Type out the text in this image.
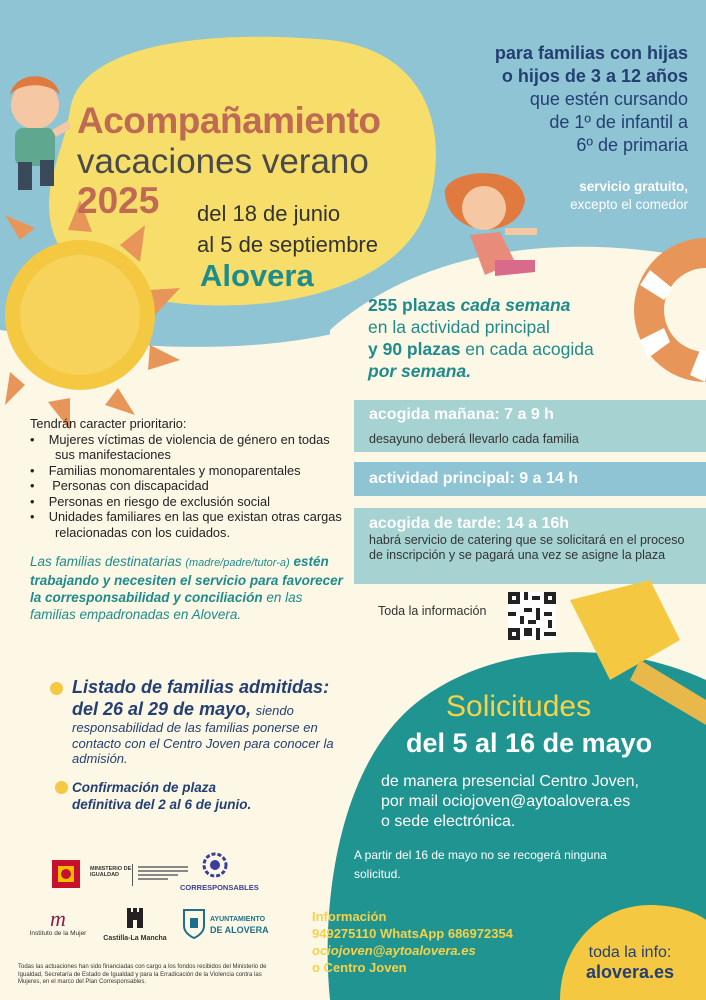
Acompañamiento
vacaciones verano
2025 del 18 de junio
al 5 de septiembre
Alovera
para familias con hijas
o hijos de 3 a 12 años
que estén cursando
de 1º de infantil a
6º de primaria
servicio gratuito,
excepto el comedor
255 plazas cada semana
en la actividad principal
y 90 plazas en cada acogida
por semana.
acogida mañana: 7 a 9 h
desayuno deberá llevarlo cada familia
actividad principal: 9 a 14 h
acogida de tarde: 14 a 16h
habrá servicio de catering que se solicitará en el proceso de inscripción y se pagará una vez se asigne la plaza
Tendrán caracter prioritario:
•    Mujeres víctimas de violencia de género en todas sus manifestaciones
•    Familias monomarentales y monoparentales
•     Personas con discapacidad
•    Personas en riesgo de exclusión social
•    Unidades familiares en las que existan otras cargas relacionadas con los cuidados.
Las familias destinatarias (madre/padre/tutor-a) estén trabajando y necesiten el servicio para favorecer la corresponsabilidad y conciliación en las familias empadronadas en Alovera.	Toda la información
Listado de familias admitidas:
del 26 al 29 de mayo, siendo
responsabilidad de las familias ponerse en contacto con el Centro Joven para conocer la admisión.
Confirmación de plaza
definitiva del 2 al 6 de junio.
Solicitudes
del 5 al 16 de mayo
de manera presencial Centro Joven,
por mail ociojoven@aytoalovera.es
o sede electrónica.
A partir del 16 de mayo no se recogerá ninguna
solicitud.
Información
949275110 WhatsApp 686972354
ociojoven@aytoalovera.es
o Centro Joven
toda la info:
alovera.es
MINISTERIO DE IGUALDAD
CORRESPONSABLES
m
Instituto de la Mujer
Castilla-La Mancha
AYUNTAMIENTO
DE ALOVERA
Todas las actuaciones han sido financiadas con cargo a los fondos recibidos del Ministerio de Igualdad, Secretaría de Estado de Igualdad y para la Erradicación de la Violencia contra las Mujeres, en el marco del Plan Corresponsables.
